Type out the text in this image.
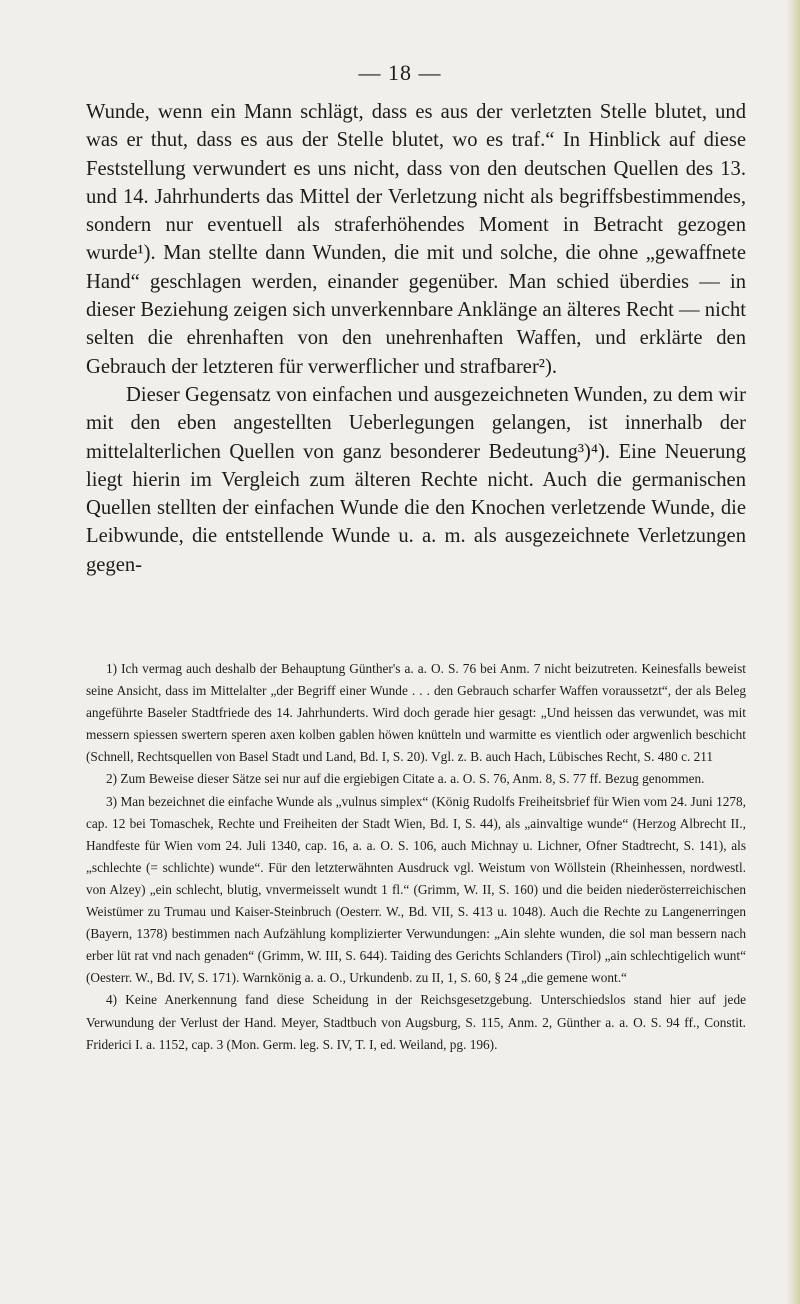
— 18 —

Wunde, wenn ein Mann schlägt, dass es aus der verletzten Stelle blutet, und was er thut, dass es aus der Stelle blutet, wo es traf.“ In Hinblick auf diese Feststellung verwundert es uns nicht, dass von den deutschen Quellen des 13. und 14. Jahrhunderts das Mittel der Verletzung nicht als begriffsbestimmendes, sondern nur eventuell als straferhöhendes Moment in Betracht gezogen wurde¹). Man stellte dann Wunden, die mit und solche, die ohne „gewaffnete Hand“ geschlagen werden, einander gegenüber. Man schied überdies — in dieser Beziehung zeigen sich unverkennbare Anklänge an älteres Recht — nicht selten die ehrenhaften von den unehrenhaften Waffen, und erklärte den Gebrauch der letzteren für verwerflicher und strafbarer²).

Dieser Gegensatz von einfachen und ausgezeichneten Wunden, zu dem wir mit den eben angestellten Ueberlegungen gelangen, ist innerhalb der mittelalterlichen Quellen von ganz besonderer Bedeutung³)⁴). Eine Neuerung liegt hierin im Vergleich zum älteren Rechte nicht. Auch die germanischen Quellen stellten der einfachen Wunde die den Knochen verletzende Wunde, die Leibwunde, die entstellende Wunde u. a. m. als ausgezeichnete Verletzungen gegen-

1) Ich vermag auch deshalb der Behauptung Günther's a. a. O. S. 76 bei Anm. 7 nicht beizutreten. Keinesfalls beweist seine Ansicht, dass im Mittelalter „der Begriff einer Wunde . . . den Gebrauch scharfer Waffen voraussetzt“, der als Beleg angeführte Baseler Stadtfriede des 14. Jahrhunderts. Wird doch gerade hier gesagt: „Und heissen das verwundet, was mit messern spiessen swertern speren axen kolben gablen höwen knütteln und warmitte es vientlich oder argwenlich beschicht (Schnell, Rechtsquellen von Basel Stadt und Land, Bd. I, S. 20). Vgl. z. B. auch Hach, Lübisches Recht, S. 480 c. 211

2) Zum Beweise dieser Sätze sei nur auf die ergiebigen Citate a. a. O. S. 76, Anm. 8, S. 77 ff. Bezug genommen.

3) Man bezeichnet die einfache Wunde als „vulnus simplex“ (König Rudolfs Freiheitsbrief für Wien vom 24. Juni 1278, cap. 12 bei Tomaschek, Rechte und Freiheiten der Stadt Wien, Bd. I, S. 44), als „ainvaltige wunde“ (Herzog Albrecht II., Handfeste für Wien vom 24. Juli 1340, cap. 16, a. a. O. S. 106, auch Michnay u. Lichner, Ofner Stadtrecht, S. 141), als „schlechte (= schlichte) wunde“. Für den letzterwähnten Ausdruck vgl. Weistum von Wöllstein (Rheinhessen, nordwestl. von Alzey) „ein schlecht, blutig, vnvermeisselt wundt 1 fl.“ (Grimm, W. II, S. 160) und die beiden niederösterreichischen Weistümer zu Trumau und Kaiser-Steinbruch (Oesterr. W., Bd. VII, S. 413 u. 1048). Auch die Rechte zu Langenerringen (Bayern, 1378) bestimmen nach Aufzählung komplizierter Verwundungen: „Ain slehte wunden, die sol man bessern nach erber lüt rat vnd nach genaden“ (Grimm, W. III, S. 644). Taiding des Gerichts Schlanders (Tirol) „ain schlechtigelich wunt“ (Oesterr. W., Bd. IV, S. 171). Warnkönig a. a. O., Urkundenb. zu II, 1, S. 60, § 24 „die gemene wont.“

4) Keine Anerkennung fand diese Scheidung in der Reichsgesetzgebung. Unterschiedslos stand hier auf jede Verwundung der Verlust der Hand. Meyer, Stadtbuch von Augsburg, S. 115, Anm. 2, Günther a. a. O. S. 94 ff., Constit. Friderici I. a. 1152, cap. 3 (Mon. Germ. leg. S. IV, T. I, ed. Weiland, pg. 196).
